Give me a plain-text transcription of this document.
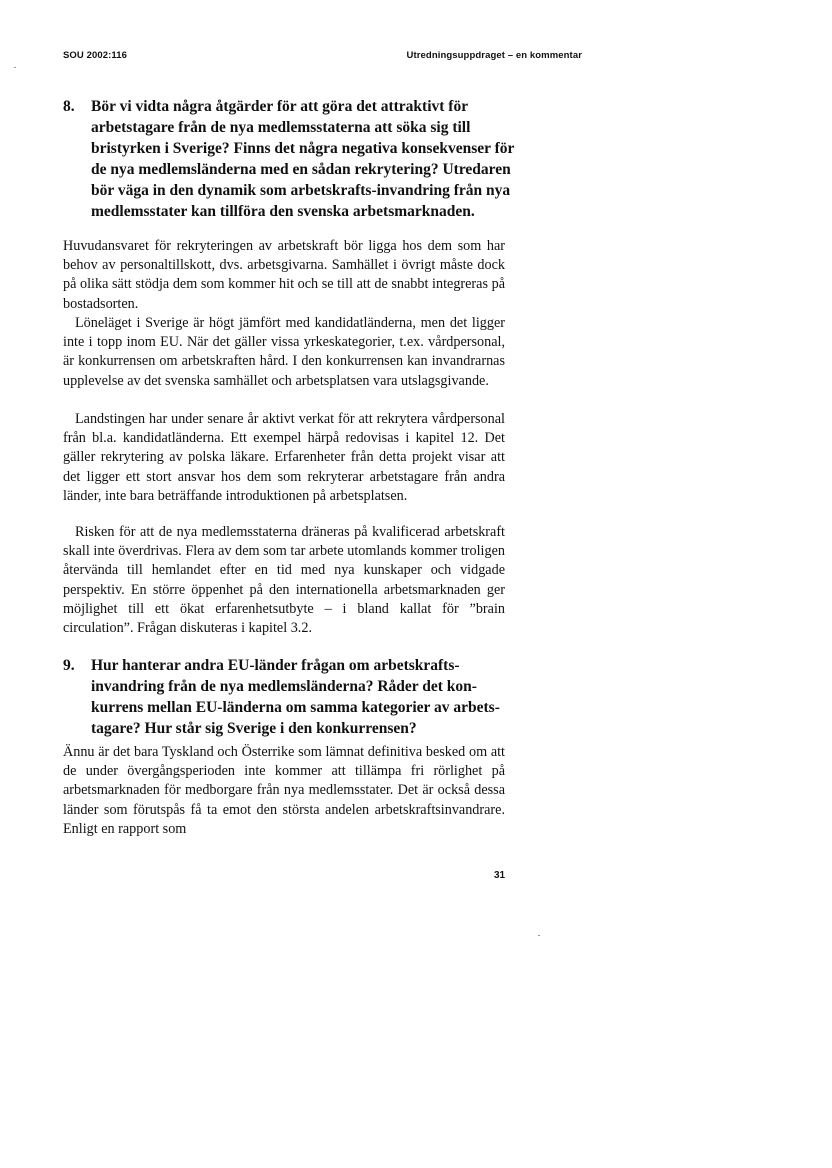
SOU 2002:116	Utredningsuppdraget – en kommentar
8. Bör vi vidta några åtgärder för att göra det attraktivt för arbetstagare från de nya medlemsstaterna att söka sig till bristyrken i Sverige? Finns det några negativa konsekvenser för de nya medlemsländerna med en sådan rekrytering? Utredaren bör väga in den dynamik som arbetskrafts-invandring från nya medlemsstater kan tillföra den svenska arbetsmarknaden.

Huvudansvaret för rekryteringen av arbetskraft bör ligga hos dem som har behov av personaltillskott, dvs. arbetsgivarna. Samhället i övrigt måste dock på olika sätt stödja dem som kommer hit och se till att de snabbt integreras på bostadsorten.

Löneläget i Sverige är högt jämfört med kandidatländerna, men det ligger inte i topp inom EU. När det gäller vissa yrkeskategorier, t.ex. vårdpersonal, är konkurrensen om arbetskraften hård. I den konkurrensen kan invandrarnas upplevelse av det svenska samhället och arbetsplatsen vara utslagsgivande.

Landstingen har under senare år aktivt verkat för att rekrytera vårdpersonal från bl.a. kandidatländerna. Ett exempel härpå redovisas i kapitel 12. Det gäller rekrytering av polska läkare. Erfarenheter från detta projekt visar att det ligger ett stort ansvar hos dem som rekryterar arbetstagare från andra länder, inte bara beträffande introduktionen på arbetsplatsen.

Risken för att de nya medlemsstaterna dräneras på kvalificerad arbetskraft skall inte överdrivas. Flera av dem som tar arbete utomlands kommer troligen återvända till hemlandet efter en tid med nya kunskaper och vidgade perspektiv. En större öppenhet på den internationella arbetsmarknaden ger möjlighet till ett ökat erfarenhetsutbyte – i bland kallat för ”brain circulation”. Frågan diskuteras i kapitel 3.2.

9. Hur hanterar andra EU-länder frågan om arbetskrafts-invandring från de nya medlemsländerna? Råder det kon-kurrens mellan EU-länderna om samma kategorier av arbets-tagare? Hur står sig Sverige i den konkurrensen?

Ännu är det bara Tyskland och Österrike som lämnat definitiva besked om att de under övergångsperioden inte kommer att tillämpa fri rörlighet på arbetsmarknaden för medborgare från nya medlemsstater. Det är också dessa länder som förutspås få ta emot den största andelen arbetskraftsinvandrare. Enligt en rapport som

31
